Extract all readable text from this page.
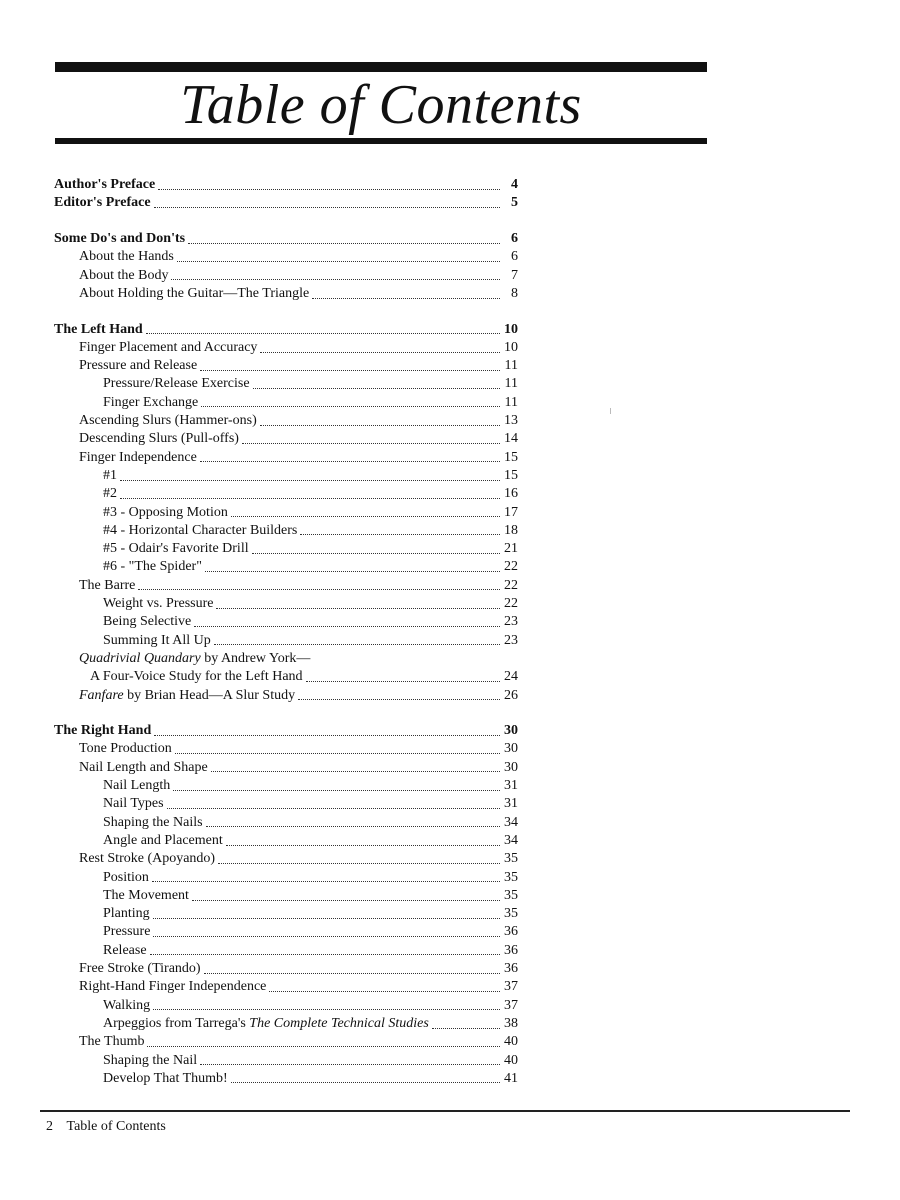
Table of Contents
Author's Preface	4
Editor's Preface	5
Some Do's and Don'ts	6
About the Hands	6
About the Body	7
About Holding the Guitar—The Triangle	8
The Left Hand	10
Finger Placement and Accuracy	10
Pressure and Release	11
Pressure/Release Exercise	11
Finger Exchange	11
Ascending Slurs (Hammer-ons)	13
Descending Slurs (Pull-offs)	14
Finger Independence	15
#1	15
#2	16
#3 - Opposing Motion	17
#4 - Horizontal Character Builders	18
#5 - Odair's Favorite Drill	21
#6 - "The Spider"	22
The Barre	22
Weight vs. Pressure	22
Being Selective	23
Summing It All Up	23
Quadrivial Quandary by Andrew York—
A Four-Voice Study for the Left Hand	24
Fanfare by Brian Head—A Slur Study	26
The Right Hand	30
Tone Production	30
Nail Length and Shape	30
Nail Length	31
Nail Types	31
Shaping the Nails	34
Angle and Placement	34
Rest Stroke (Apoyando)	35
Position	35
The Movement	35
Planting	35
Pressure	36
Release	36
Free Stroke (Tirando)	36
Right-Hand Finger Independence	37
Walking	37
Arpeggios from Tarrega's The Complete Technical Studies	38
The Thumb	40
Shaping the Nail	40
Develop That Thumb!	41
2 Table of Contents
